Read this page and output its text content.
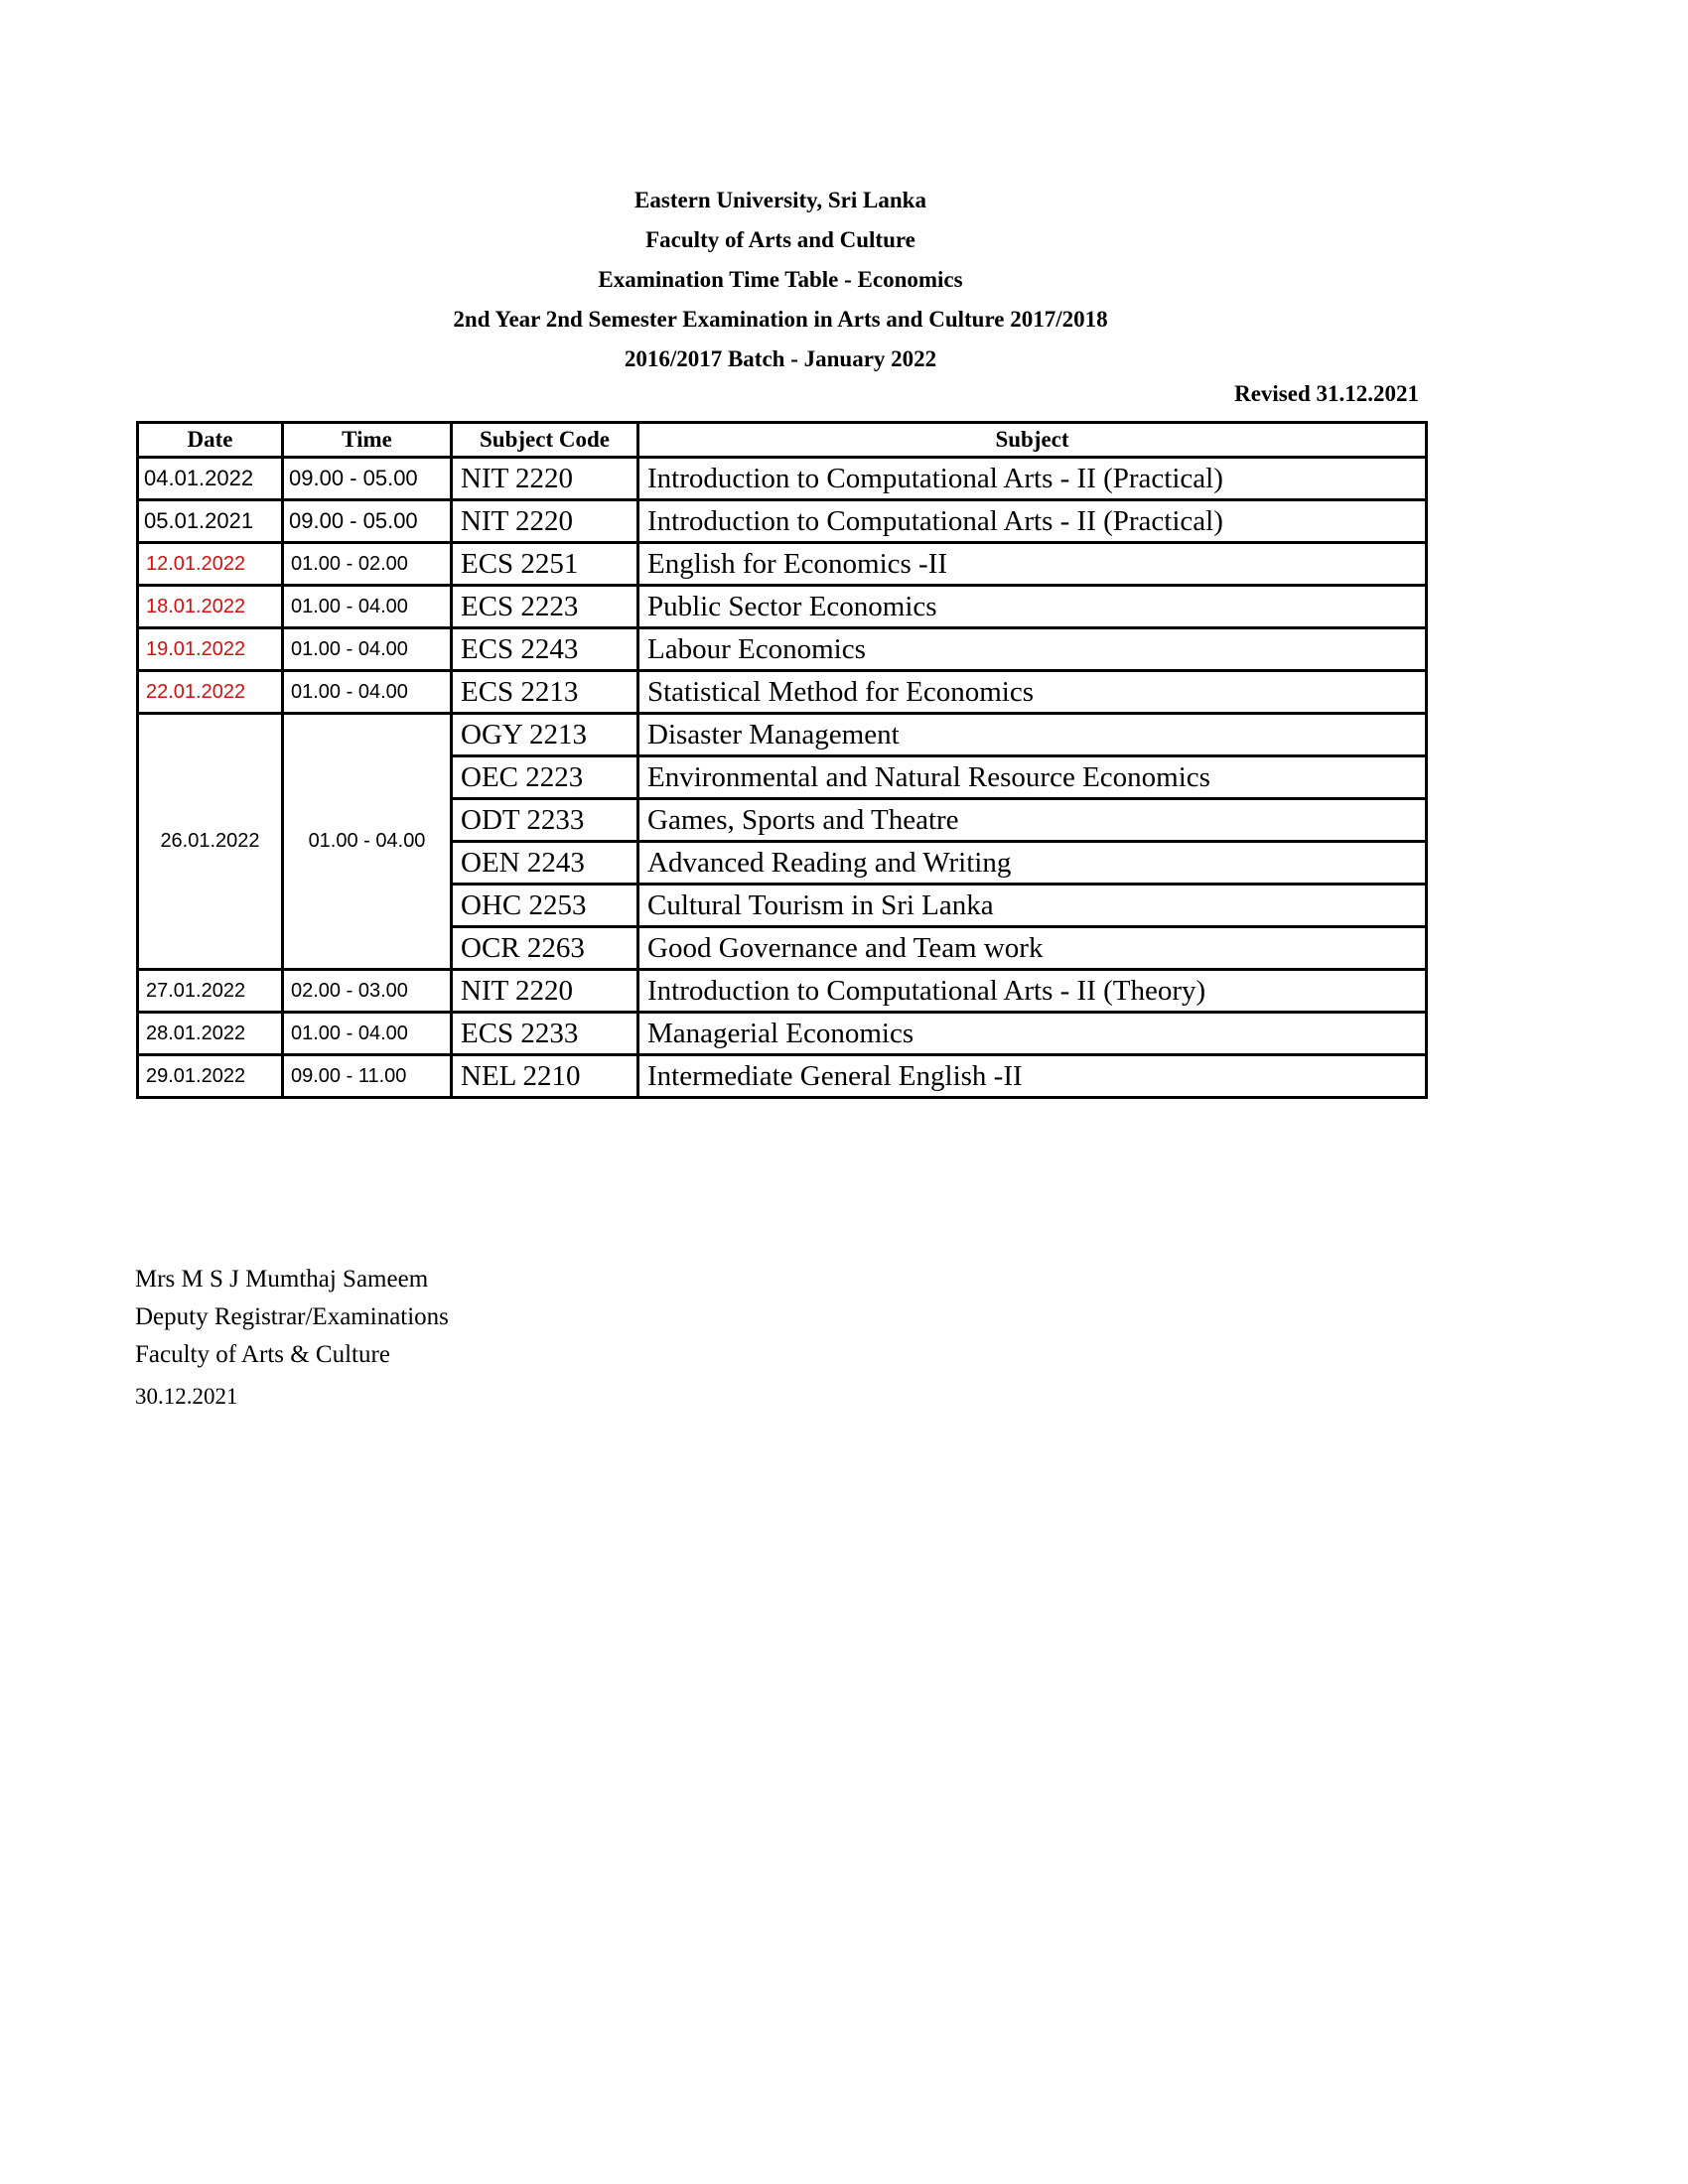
Eastern University, Sri Lanka
Faculty of Arts and Culture
Examination Time Table - Economics
2nd Year 2nd Semester Examination in Arts and Culture 2017/2018
2016/2017 Batch - January 2022
Revised 31.12.2021
Date	Time	Subject Code	Subject
04.01.2022	09.00 - 05.00	NIT 2220	Introduction to Computational Arts - II (Practical)
05.01.2021	09.00 - 05.00	NIT 2220	Introduction to Computational Arts - II (Practical)
12.01.2022	01.00 - 02.00	ECS 2251	English for Economics -II
18.01.2022	01.00 - 04.00	ECS 2223	Public Sector Economics
19.01.2022	01.00 - 04.00	ECS 2243	Labour Economics
22.01.2022	01.00 - 04.00	ECS 2213	Statistical Method for Economics
26.01.2022	01.00 - 04.00	OGY 2213	Disaster Management
		OEC 2223	Environmental and Natural Resource Economics
		ODT 2233	Games, Sports and Theatre
		OEN 2243	Advanced Reading and Writing
		OHC 2253	Cultural Tourism in Sri Lanka
		OCR 2263	Good Governance and Team work
27.01.2022	02.00 - 03.00	NIT 2220	Introduction to Computational Arts - II (Theory)
28.01.2022	01.00 - 04.00	ECS 2233	Managerial Economics
29.01.2022	09.00 - 11.00	NEL 2210	Intermediate General English -II
Mrs M S J Mumthaj Sameem
Deputy Registrar/Examinations
Faculty of Arts & Culture
30.12.2021
